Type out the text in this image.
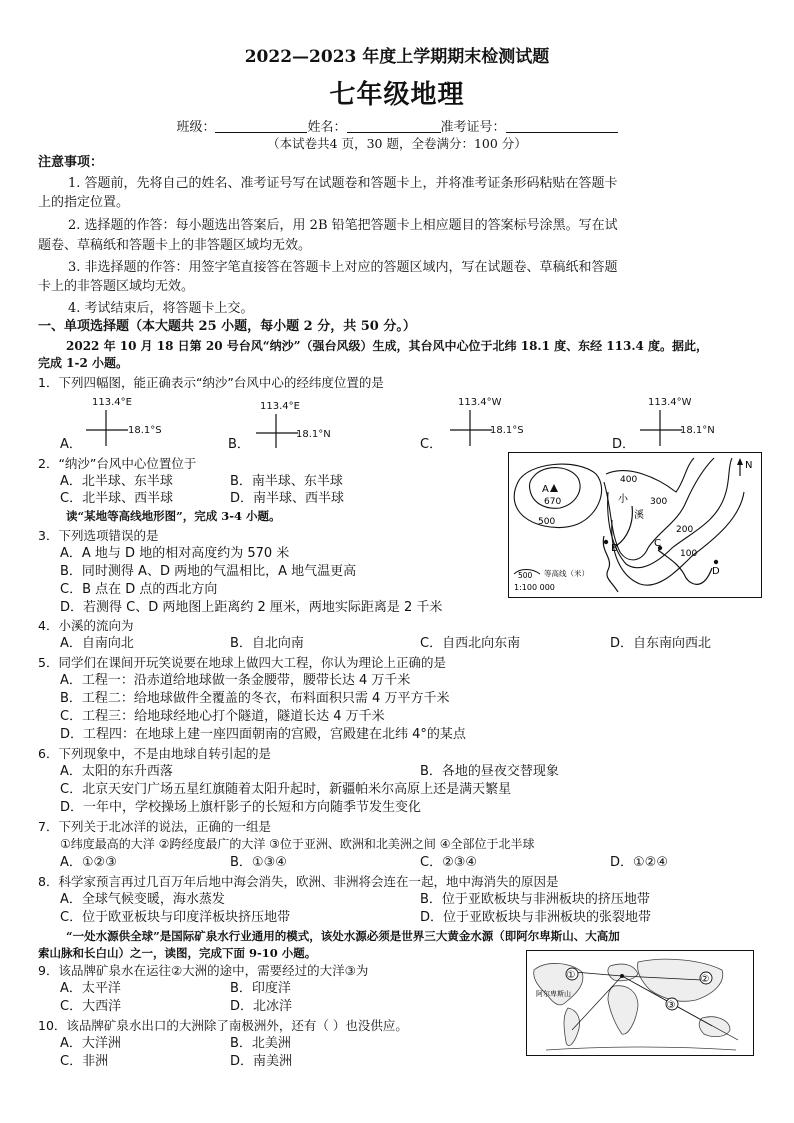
2022—2023 年度上学期期末检测试题
七年级地理
班级：	姓名：	准考证号：
（本试卷共4 页，30 题，全卷满分：100 分）
注意事项：
1. 答题前，先将自己的姓名、准考证号写在试题卷和答题卡上，并将准考证条形码粘贴在答题卡
上的指定位置。
2. 选择题的作答：每小题选出答案后，用 2B 铅笔把答题卡上相应题目的答案标号涂黑。写在试
题卷、草稿纸和答题卡上的非答题区域均无效。
3. 非选择题的作答：用签字笔直接答在答题卡上对应的答题区域内，写在试题卷、草稿纸和答题
卡上的非答题区域均无效。
4. 考试结束后，将答题卡上交。
一、单项选择题（本大题共 25 小题，每小题 2 分，共 50 分。）
2022 年 10 月 18 日第 20 号台风“纳沙”（强台风级）生成，其台风中心位于北纬 18.1 度、东经 113.4 度。据此，
完成 1-2 小题。
1．下列四幅图，能正确表示“纳沙”台风中心的经纬度位置的是
A．
113.4°E
18.1°S
B．
113.4°E
18.1°N
C．
113.4°W
18.1°S
D．
113.4°W
18.1°N
2．“纳沙”台风中心位置位于
A．北半球、东半球	B．南半球、东半球
C．北半球、西半球	D．南半球、西半球
读“某地等高线地形图”，完成 3-4 小题。
A
670
500
400
300
200
100
小
溪
B	C
D
N
500 等高线（米）
1:100 000
3．下列选项错误的是
A．A 地与 D 地的相对高度约为 570 米
B．同时测得 A、D 两地的气温相比，A 地气温更高
C．B 点在 D 点的西北方向
D．若测得 C、D 两地图上距离约 2 厘米，两地实际距离是 2 千米
4．小溪的流向为
A．自南向北	B．自北向南	C．自西北向东南	D．自东南向西北
5．同学们在课间开玩笑说要在地球上做四大工程，你认为理论上正确的是
A．工程一：沿赤道给地球做一条金腰带，腰带长达 4 万千米
B．工程二：给地球做件全覆盖的冬衣，布料面积只需 4 万平方千米
C．工程三：给地球经地心打个隧道，隧道长达 4 万千米
D．工程四：在地球上建一座四面朝南的宫殿，宫殿建在北纬 4°的某点
6．下列现象中，不是由地球自转引起的是
A．太阳的东升西落	B．各地的昼夜交替现象
C．北京天安门广场五星红旗随着太阳升起时，新疆帕米尔高原上还是满天繁星
D．一年中，学校操场上旗杆影子的长短和方向随季节发生变化
7．下列关于北冰洋的说法，正确的一组是
①纬度最高的大洋 ②跨经度最广的大洋 ③位于亚洲、欧洲和北美洲之间 ④全部位于北半球
A．①②③	B．①③④	C．②③④	D．①②④
8．科学家预言再过几百万年后地中海会消失，欧洲、非洲将会连在一起，地中海消失的原因是
A．全球气候变暖，海水蒸发	B．位于亚欧板块与非洲板块的挤压地带
C．位于欧亚板块与印度洋板块挤压地带	D．位于亚欧板块与非洲板块的张裂地带
“一处水源供全球”是国际矿泉水行业通用的模式，该处水源必须是世界三大黄金水源（即阿尔卑斯山、大高加
索山脉和长白山）之一，读图，完成下面 9-10 小题。
①	②
③
阿尔卑斯山
9．该品牌矿泉水在运往②大洲的途中，需要经过的大洋③为
A．太平洋	B．印度洋
C．大西洋	D．北冰洋
10．该品牌矿泉水出口的大洲除了南极洲外，还有（ ）也没供应。
A．大洋洲	B．北美洲
C．非洲	D．南美洲
